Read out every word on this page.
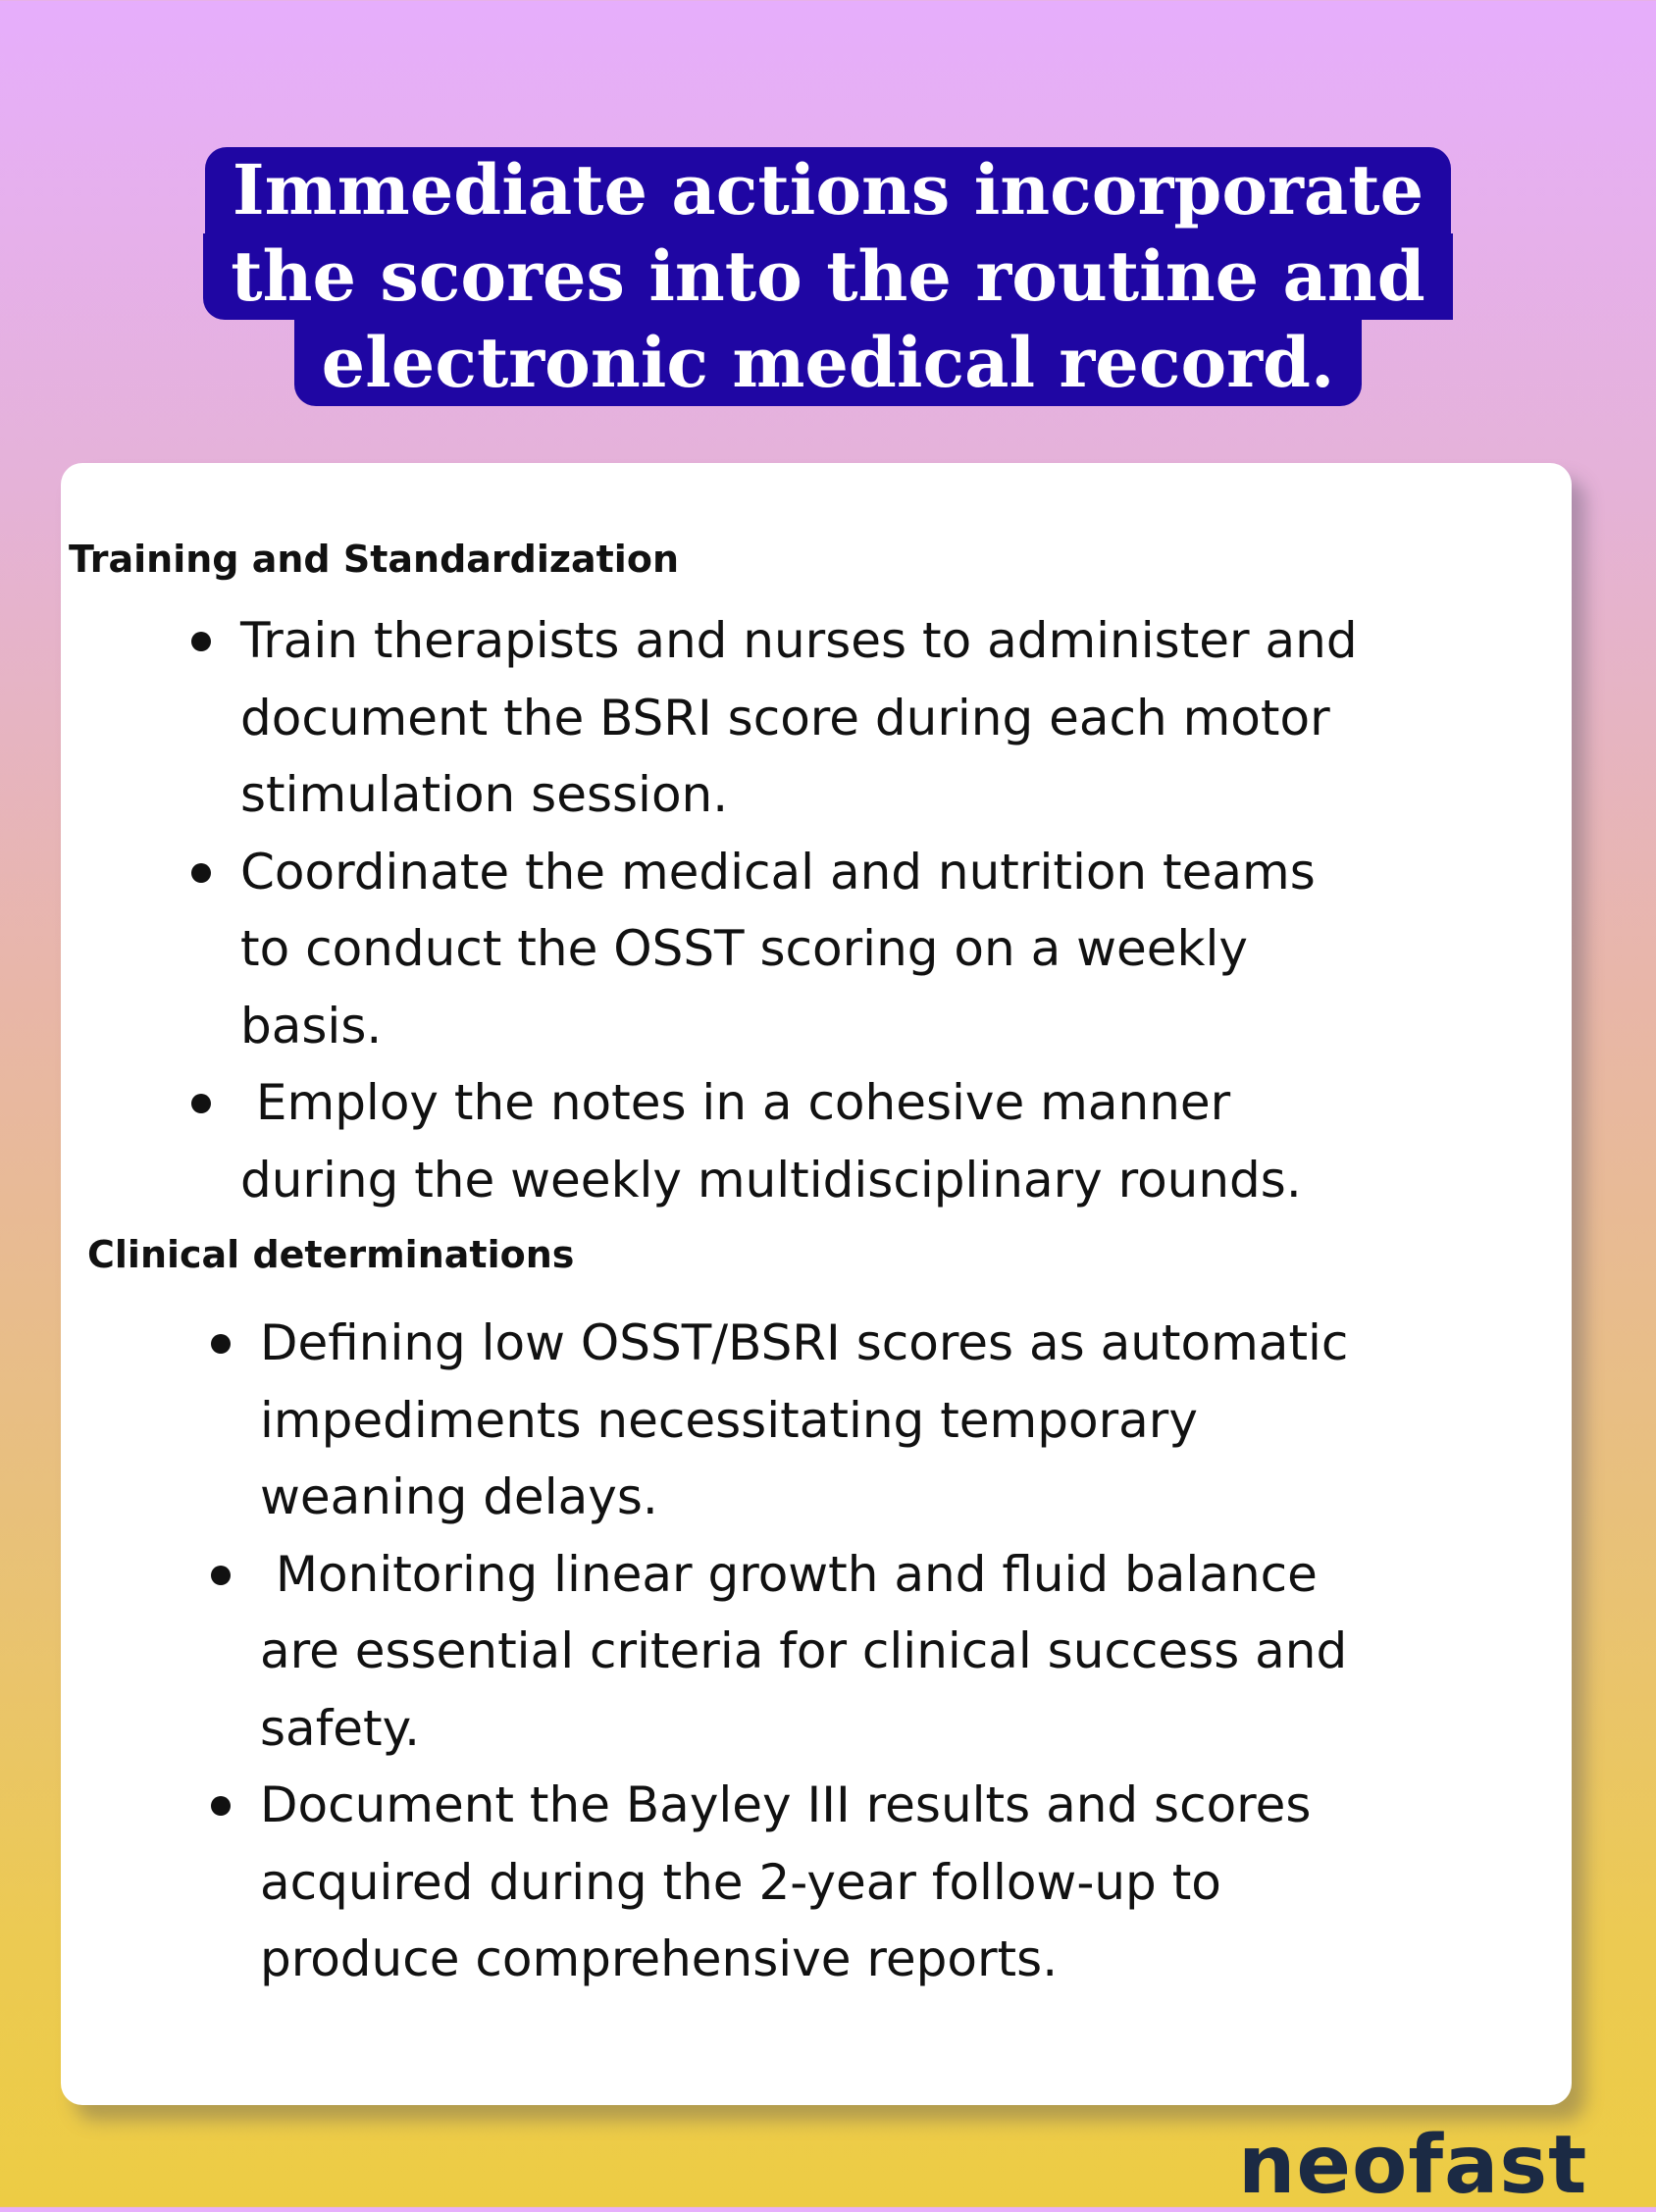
Immediate actions incorporate
the scores into the routine and
electronic medical record.
Training and Standardization
Train therapists and nurses to administer and
document the BSRI score during each motor
stimulation session.
Coordinate the medical and nutrition teams
to conduct the OSST scoring on a weekly
basis.
Employ the notes in a cohesive manner
during the weekly multidisciplinary rounds.
Clinical determinations
Defining low OSST/BSRI scores as automatic
impediments necessitating temporary
weaning delays.
Monitoring linear growth and fluid balance
are essential criteria for clinical success and
safety.
Document the Bayley III results and scores
acquired during the 2-year follow-up to
produce comprehensive reports.
neofast
